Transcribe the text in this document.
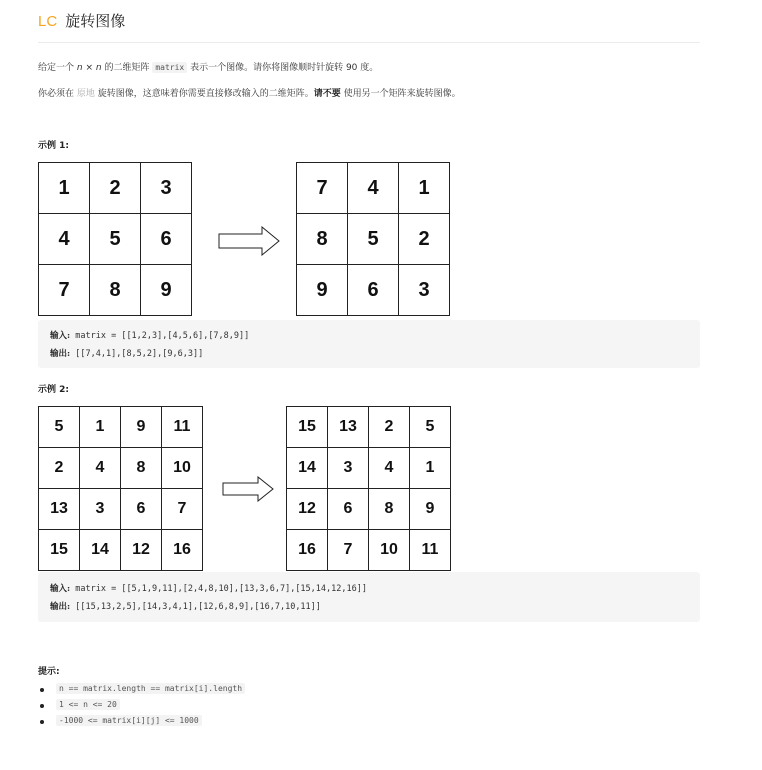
LC 旋转图像
给定一个 n × n 的二维矩阵 matrix 表示一个图像。请你将图像顺时针旋转 90 度。
你必须在 原地 旋转图像，这意味着你需要直接修改输入的二维矩阵。请不要 使用另一个矩阵来旋转图像。
示例 1:
1	2	3
4	5	6
7	8	9
7	4	1
8	5	2
9	6	3
输入: matrix = [[1,2,3],[4,5,6],[7,8,9]]
输出: [[7,4,1],[8,5,2],[9,6,3]]
示例 2:
5	1	9	11
2	4	8	10
13	3	6	7
15	14	12	16
15	13	2	5
14	3	4	1
12	6	8	9
16	7	10	11
输入: matrix = [[5,1,9,11],[2,4,8,10],[13,3,6,7],[15,14,12,16]]
输出: [[15,13,2,5],[14,3,4,1],[12,6,8,9],[16,7,10,11]]
提示:
n == matrix.length == matrix[i].length
1 <= n <= 20
-1000 <= matrix[i][j] <= 1000
